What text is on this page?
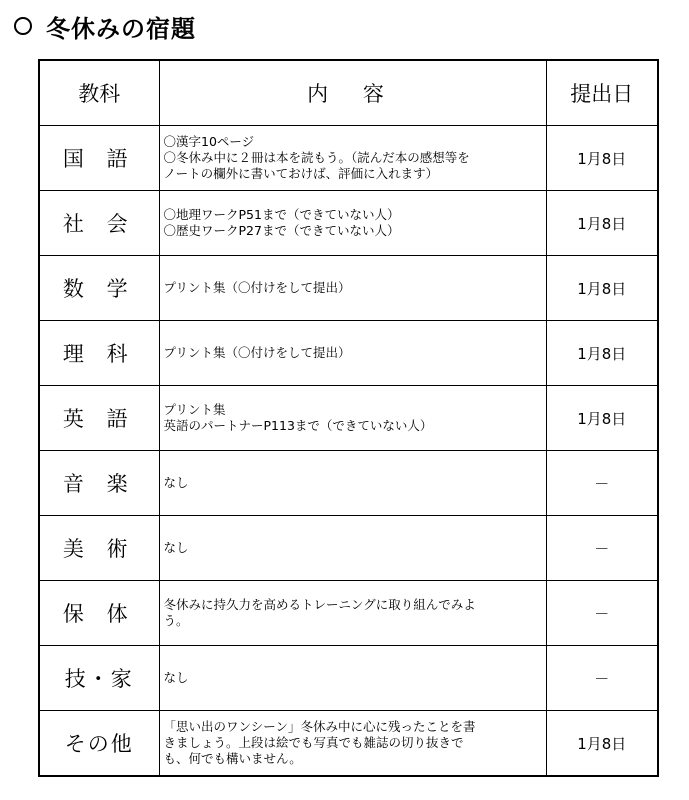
冬休みの宿題
教科	内 容	提出日
国 語	〇漢字10ページ
〇冬休み中に２冊は本を読もう。（読んだ本の感想等を
ノートの欄外に書いておけば、評価に入れます）	1月8日
社 会	〇地理ワークP51まで（できていない人）
〇歴史ワークP27まで（できていない人）	1月8日
数 学	プリント集（〇付けをして提出）	1月8日
理 科	プリント集（〇付けをして提出）	1月8日
英 語	プリント集
英語のパートナーP113まで（できていない人）	1月8日
音 楽	なし	－
美 術	なし	－
保 体	冬休みに持久力を高めるトレーニングに取り組んでみよ
う。	－
技・家	なし	－
その他	「思い出のワンシーン」冬休み中に心に残ったことを書
きましょう。上段は絵でも写真でも雑誌の切り抜きで
も、何でも構いません。	1月8日
